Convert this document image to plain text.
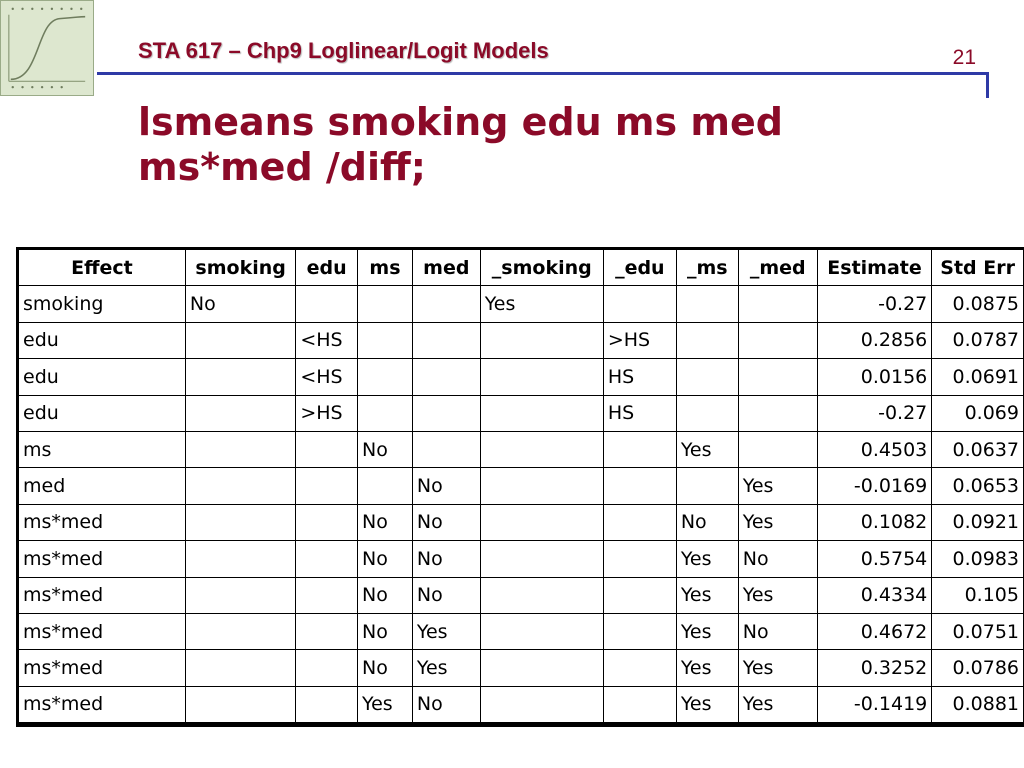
STA 617 – Chp9 Loglinear/Logit Models	21
lsmeans smoking edu ms med
ms*med /diff;
Effect	smoking	edu	ms	med	_smoking	_edu	_ms	_med	Estimate	Std Err
smoking	No				Yes				-0.27	0.0875
edu		<HS				>HS			0.2856	0.0787
edu		<HS				HS			0.0156	0.0691
edu		>HS				HS			-0.27	0.069
ms			No				Yes		0.4503	0.0637
med				No				Yes	-0.0169	0.0653
ms*med			No	No			No	Yes	0.1082	0.0921
ms*med			No	No			Yes	No	0.5754	0.0983
ms*med			No	No			Yes	Yes	0.4334	0.105
ms*med			No	Yes			Yes	No	0.4672	0.0751
ms*med			No	Yes			Yes	Yes	0.3252	0.0786
ms*med			Yes	No			Yes	Yes	-0.1419	0.0881
